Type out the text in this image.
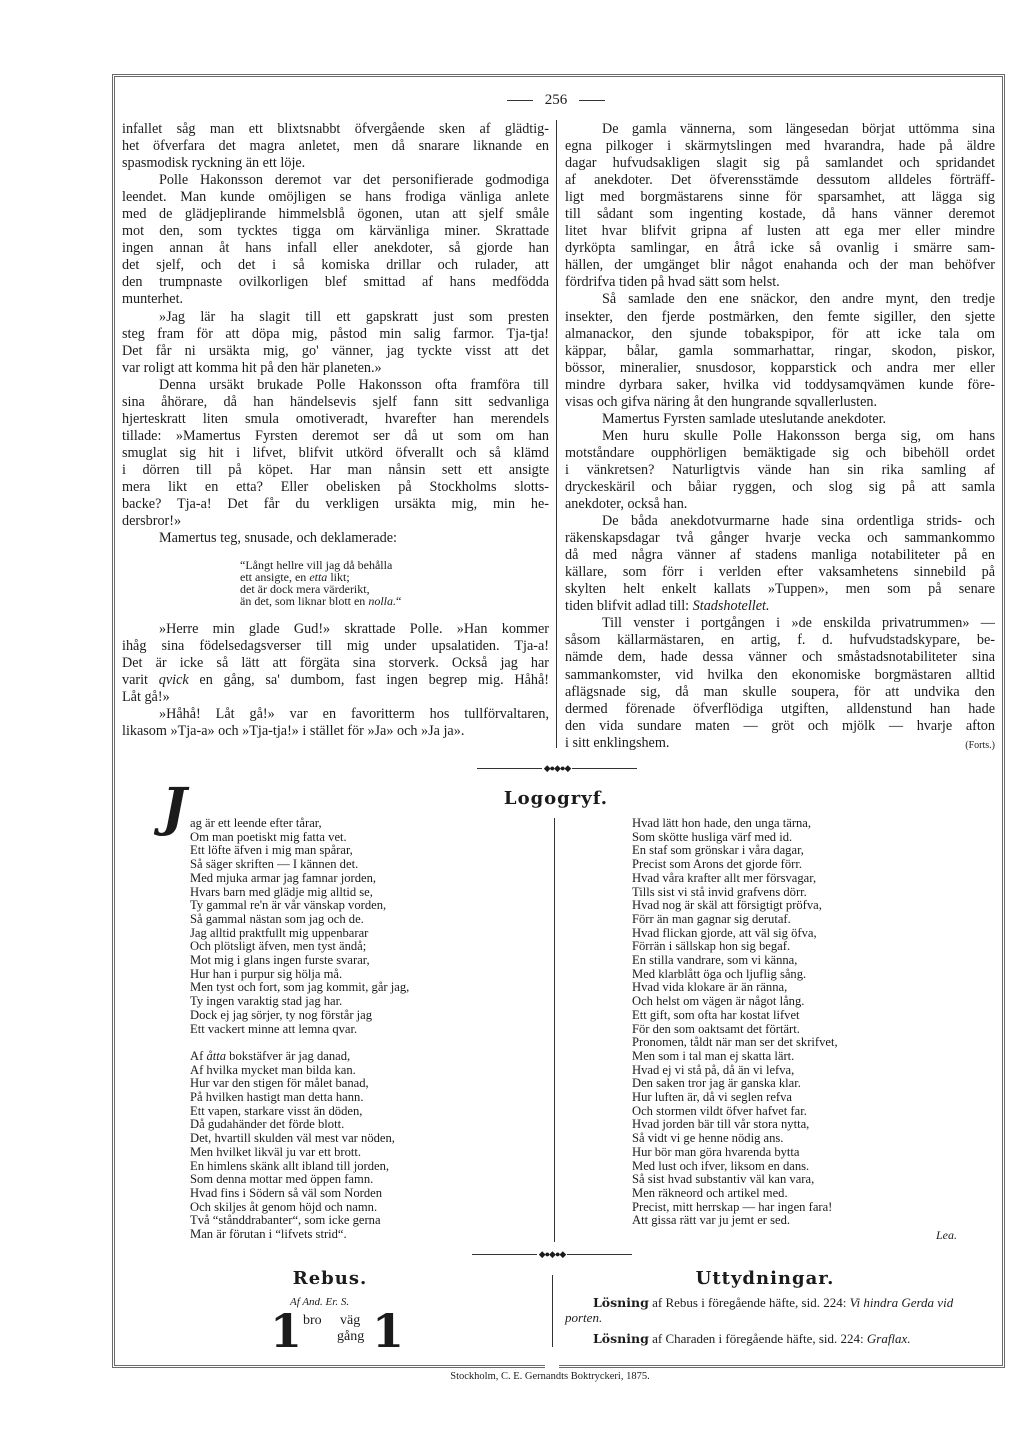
256
infallet såg man ett blixtsnabbt öfvergående sken af glädtig-
het öfverfara det magra anletet, men då snarare liknande en
spasmodisk ryckning än ett löje.
Polle Hakonsson deremot var det personifierade godmodiga
leendet. Man kunde omöjligen se hans frodiga vänliga anlete
med de glädjeplirande himmelsblå ögonen, utan att sjelf småle
mot den, som tycktes tigga om kärvänliga miner. Skrattade
ingen annan åt hans infall eller anekdoter, så gjorde han
det sjelf, och det i så komiska drillar och rulader, att
den trumpnaste ovilkorligen blef smittad af hans medfödda
munterhet.
»Jag lär ha slagit till ett gapskratt just som presten
steg fram för att döpa mig, påstod min salig farmor. Tja-tja!
Det får ni ursäkta mig, go' vänner, jag tyckte visst att det
var roligt att komma hit på den här planeten.»
Denna ursäkt brukade Polle Hakonsson ofta framföra till
sina åhörare, då han händelsevis sjelf fann sitt sedvanliga
hjerteskratt liten smula omotiveradt, hvarefter han merendels
tillade: »Mamertus Fyrsten deremot ser då ut som om han
smuglat sig hit i lifvet, blifvit utkörd öfverallt och så klämd
i dörren till på köpet. Har man nånsin sett ett ansigte
mera likt en etta? Eller obelisken på Stockholms slotts-
backe? Tja-a! Det får du verkligen ursäkta mig, min he-
dersbror!»
Mamertus teg, snusade, och deklamerade:
“Långt hellre vill jag då behålla
ett ansigte, en etta likt;
det är dock mera värderikt,
än det, som liknar blott en nolla.“
»Herre min glade Gud!» skrattade Polle. »Han kommer
ihåg sina födelsedagsverser till mig under upsalatiden. Tja-a!
Det är icke så lätt att förgäta sina storverk. Också jag har
varit qvick en gång, sa' dumbom, fast ingen begrep mig. Håhå!
Låt gå!»
»Håhå! Låt gå!» var en favoritterm hos tullförvaltaren,
likasom »Tja-a» och »Tja-tja!» i stället för »Ja» och »Ja ja».
De gamla vännerna, som längesedan börjat uttömma sina
egna pilkoger i skärmytslingen med hvarandra, hade på äldre
dagar hufvudsakligen slagit sig på samlandet och spridandet
af anekdoter. Det öfverensstämde dessutom alldeles förträff-
ligt med borgmästarens sinne för sparsamhet, att lägga sig
till sådant som ingenting kostade, då hans vänner deremot
litet hvar blifvit gripna af lusten att ega mer eller mindre
dyrköpta samlingar, en åtrå icke så ovanlig i smärre sam-
hällen, der umgänget blir något enahanda och der man behöfver
fördrifva tiden på hvad sätt som helst.
Så samlade den ene snäckor, den andre mynt, den tredje
insekter, den fjerde postmärken, den femte sigiller, den sjette
almanackor, den sjunde tobakspipor, för att icke tala om
käppar, bålar, gamla sommarhattar, ringar, skodon, piskor,
bössor, mineralier, snusdosor, kopparstick och andra mer eller
mindre dyrbara saker, hvilka vid toddysamqvämen kunde före-
visas och gifva näring åt den hungrande sqvallerlusten.
Mamertus Fyrsten samlade uteslutande anekdoter.
Men huru skulle Polle Hakonsson berga sig, om hans
motståndare oupphörligen bemäktigade sig och bibehöll ordet
i vänkretsen? Naturligtvis vände han sin rika samling af
dryckeskäril och båiar ryggen, och slog sig på att samla
anekdoter, också han.
De båda anekdotvurmarne hade sina ordentliga strids- och
räkenskapsdagar två gånger hvarje vecka och sammankommo
då med några vänner af stadens manliga notabiliteter på en
källare, som förr i verlden efter vaksamhetens sinnebild på
skylten helt enkelt kallats »Tuppen», men som på senare
tiden blifvit adlad till: Stadshotellet.
Till venster i portgången i »de enskilda privatrummen» —
såsom källarmästaren, en artig, f. d. hufvudstadskypare, be-
nämde dem, hade dessa vänner och småstadsnotabiliteter sina
sammankomster, vid hvilka den ekonomiske borgmästaren alltid
aflägsnade sig, då man skulle soupera, för att undvika den
dermed förenade öfverflödiga utgiften, alldenstund han hade
den vida sundare maten — gröt och mjölk — hvarje afton
i sitt enklingshem.	(Forts.)
◆●◆●◆
Logogryf.
J ag är ett leende efter tårar,
Om man poetiskt mig fatta vet.
Ett löfte äfven i mig man spårar,
Så säger skriften — I kännen det.
Med mjuka armar jag famnar jorden,
Hvars barn med glädje mig alltid se,
Ty gammal re'n är vår vänskap vorden,
Så gammal nästan som jag och de.
Jag alltid praktfullt mig uppenbarar
Och plötsligt äfven, men tyst ändå;
Mot mig i glans ingen furste svarar,
Hur han i purpur sig hölja må.
Men tyst och fort, som jag kommit, går jag,
Ty ingen varaktig stad jag har.
Dock ej jag sörjer, ty nog förstår jag
Ett vackert minne att lemna qvar.
Af åtta bokstäfver är jag danad,
Af hvilka mycket man bilda kan.
Hur var den stigen för målet banad,
På hvilken hastigt man detta hann.
Ett vapen, starkare visst än döden,
Då gudahänder det förde blott.
Det, hvartill skulden väl mest var nöden,
Men hvilket likväl ju var ett brott.
En himlens skänk allt ibland till jorden,
Som denna mottar med öppen famn.
Hvad fins i Södern så väl som Norden
Och skiljes åt genom höjd och namn.
Två “stånddrabanter“, som icke gerna
Man är förutan i “lifvets strid“.
Hvad lätt hon hade, den unga tärna,
Som skötte husliga värf med id.
En staf som grönskar i våra dagar,
Precist som Arons det gjorde förr.
Hvad våra krafter allt mer försvagar,
Tills sist vi stå invid grafvens dörr.
Hvad nog är skäl att försigtigt pröfva,
Förr än man gagnar sig derutaf.
Hvad flickan gjorde, att väl sig öfva,
Förrän i sällskap hon sig begaf.
En stilla vandrare, som vi känna,
Med klarblått öga och ljuflig sång.
Hvad vida klokare är än ränna,
Och helst om vägen är något lång.
Ett gift, som ofta har kostat lifvet
För den som oaktsamt det förtärt.
Pronomen, tåldt när man ser det skrifvet,
Men som i tal man ej skatta lärt.
Hvad ej vi stå på, då än vi lefva,
Den saken tror jag är ganska klar.
Hur luften är, då vi seglen refva
Och stormen vildt öfver hafvet far.
Hvad jorden bär till vår stora nytta,
Så vidt vi ge henne nödig ans.
Hur bör man göra hvarenda bytta
Med lust och ifver, liksom en dans.
Så sist hvad substantiv väl kan vara,
Men räkneord och artikel med.
Precist, mitt herrskap — har ingen fara!
Att gissa rätt var ju jemt er sed.
Lea.
◆●◆●◆
Rebus.
Af And. Er. S.
1 bro väg
gång 1
Uttydningar.
Lösning af Rebus i föregående häfte, sid. 224: Vi hindra Gerda vid porten.
Lösning af Charaden i föregående häfte, sid. 224: Graflax.
Stockholm, C. E. Gernandts Boktryckeri, 1875.
